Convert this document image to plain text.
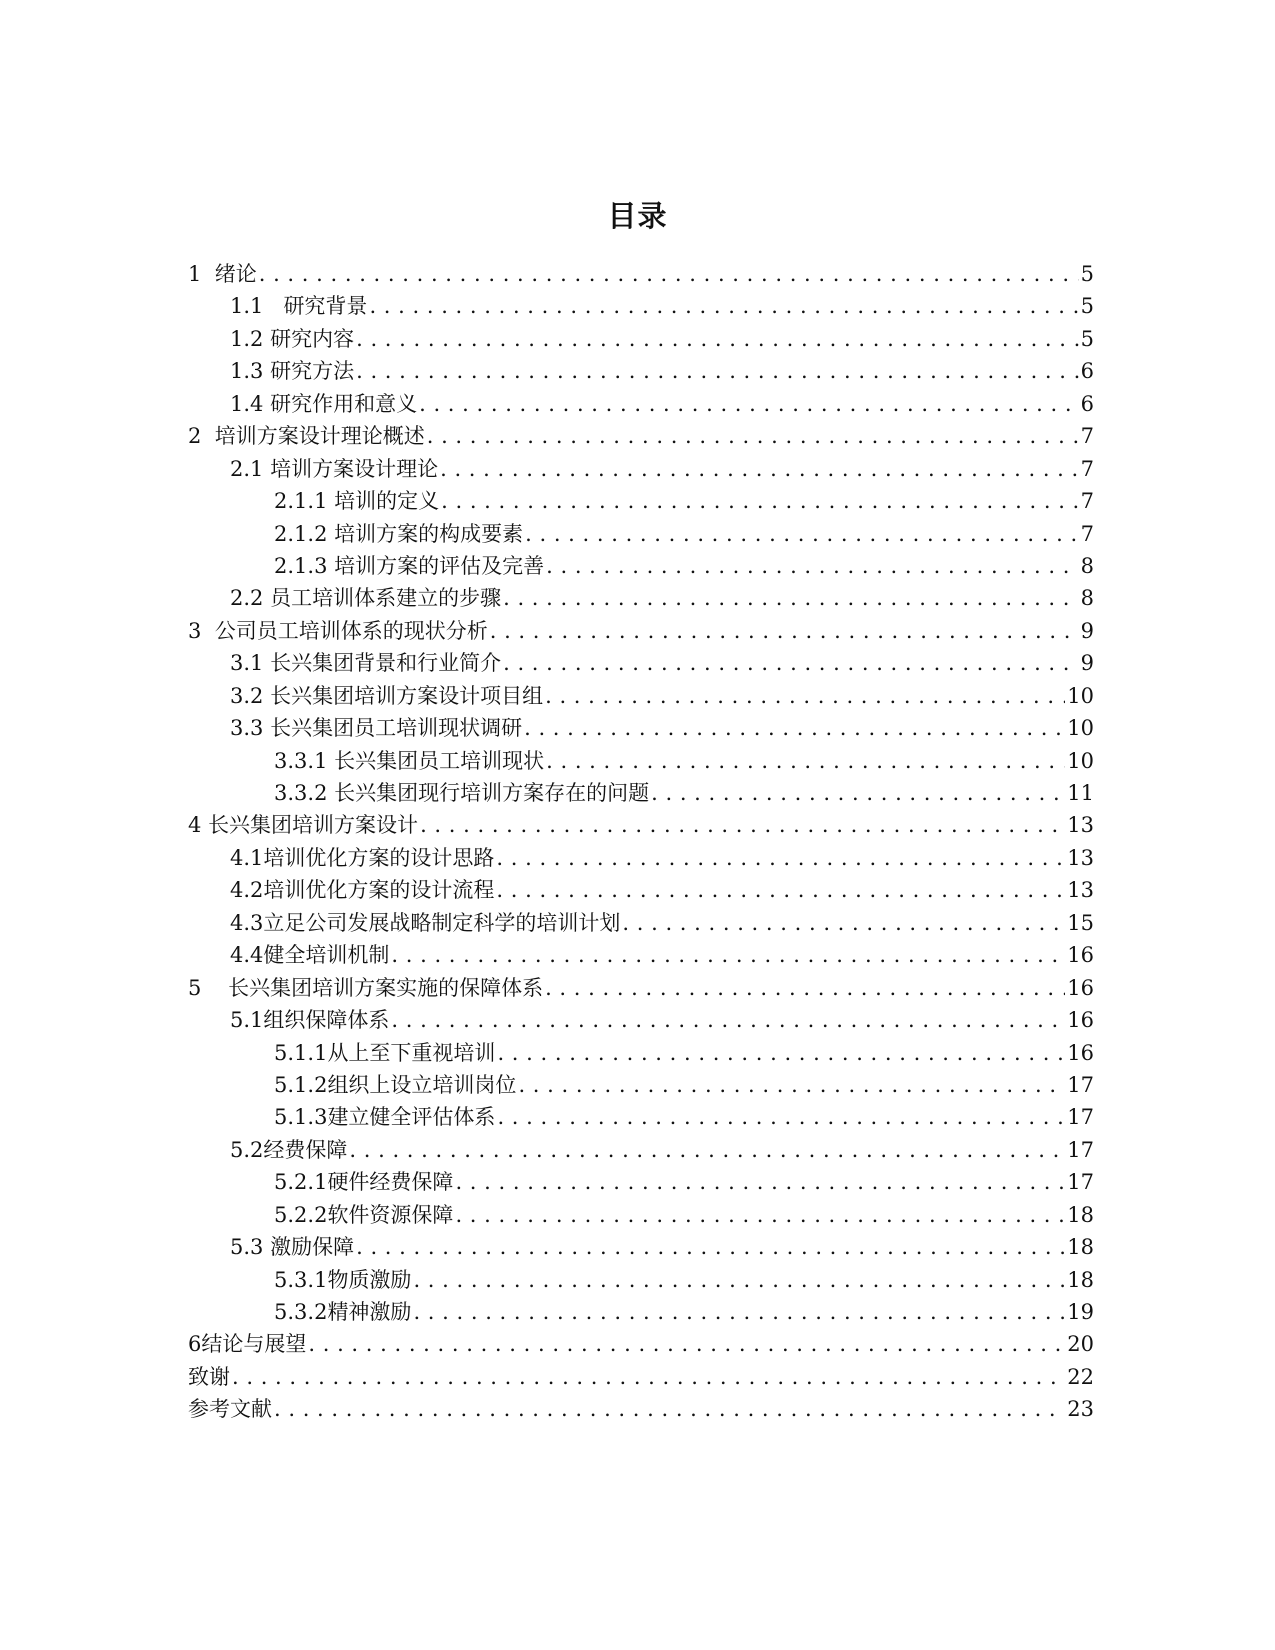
目录
1 绪论 . . .	5
1.1 研究背景 . . .	5
1.2 研究内容 . . .	5
1.3 研究方法 . . .	6
1.4 研究作用和意义 . . .	6
2 培训方案设计理论概述 . . .	7
2.1 培训方案设计理论 . . .	7
2.1.1 培训的定义 . . .	7
2.1.2 培训方案的构成要素 . . .	7
2.1.3 培训方案的评估及完善 . . .	8
2.2 员工培训体系建立的步骤 . . .	8
3 公司员工培训体系的现状分析 . . .	9
3.1 长兴集团背景和行业简介 . . .	9
3.2 长兴集团培训方案设计项目组 . . .	10
3.3 长兴集团员工培训现状调研 . . .	10
3.3.1 长兴集团员工培训现状 . . .	10
3.3.2 长兴集团现行培训方案存在的问题 . . .	11
4 长兴集团培训方案设计 . . .	13
4.1培训优化方案的设计思路 . . .	13
4.2培训优化方案的设计流程 . . .	13
4.3立足公司发展战略制定科学的培训计划 . . .	15
4.4健全培训机制 . . .	16
5 长兴集团培训方案实施的保障体系 . . .	16
5.1组织保障体系 . . .	16
5.1.1从上至下重视培训 . . .	16
5.1.2组织上设立培训岗位 . . .	17
5.1.3建立健全评估体系 . . .	17
5.2经费保障 . . .	17
5.2.1硬件经费保障 . . .	17
5.2.2软件资源保障 . . .	18
5.3 激励保障 . . .	18
5.3.1物质激励 . . .	18
5.3.2精神激励 . . .	19
6结论与展望 . . .	20
致谢 . . .	22
参考文献 . . .	23
